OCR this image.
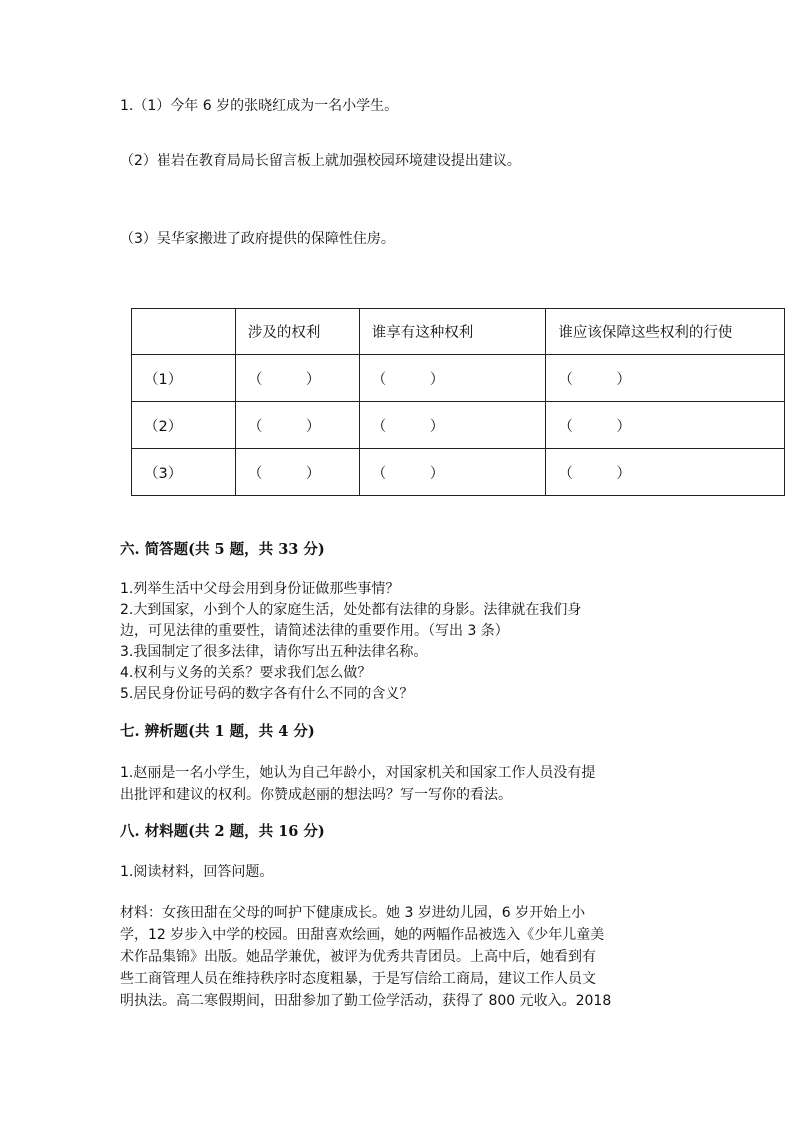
1.（1）今年 6 岁的张晓红成为一名小学生。
（2）崔岩在教育局局长留言板上就加强校园环境建设提出建议。
（3）吴华家搬进了政府提供的保障性住房。
	涉及的权利	谁享有这种权利	谁应该保障这些权利的行使
（1）	（　　　）	（　　　）	（　　　）
（2）	（　　　）	（　　　）	（　　　）
（3）	（　　　）	（　　　）	（　　　）
六. 简答题(共 5 题，共 33 分)
1.列举生活中父母会用到身份证做那些事情？
2.大到国家，小到个人的家庭生活，处处都有法律的身影。法律就在我们身
边，可见法律的重要性，请简述法律的重要作用。（写出 3 条）
3.我国制定了很多法律，请你写出五种法律名称。
4.权利与义务的关系？要求我们怎么做？
5.居民身份证号码的数字各有什么不同的含义？
七. 辨析题(共 1 题，共 4 分)
1.赵丽是一名小学生，她认为自己年龄小，对国家机关和国家工作人员没有提
出批评和建议的权利。你赞成赵丽的想法吗？写一写你的看法。
八. 材料题(共 2 题，共 16 分)
1.阅读材料，回答问题。
材料：女孩田甜在父母的呵护下健康成长。她 3 岁进幼儿园，6 岁开始上小
学，12 岁步入中学的校园。田甜喜欢绘画，她的两幅作品被选入《少年儿童美
术作品集锦》出版。她品学兼优，被评为优秀共青团员。上高中后，她看到有
些工商管理人员在维持秩序时态度粗暴，于是写信给工商局，建议工作人员文
明执法。高二寒假期间，田甜参加了勤工俭学活动，获得了 800 元收入。2018
